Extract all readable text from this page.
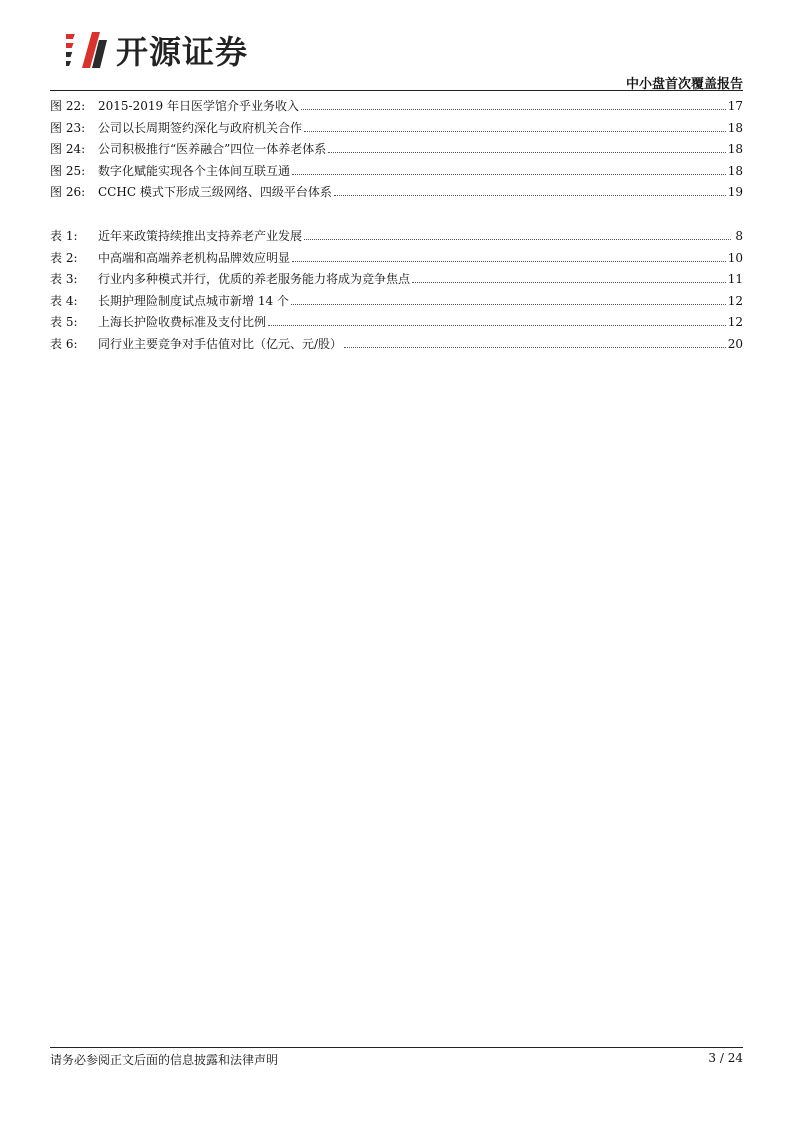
开源证券
中小盘首次覆盖报告
图 22:	2015-2019 年日医学馆介乎业务收入	17
图 23:	公司以长周期签约深化与政府机关合作	18
图 24:	公司积极推行“医养融合”四位一体养老体系	18
图 25:	数字化赋能实现各个主体间互联互通	18
图 26:	CCHC 模式下形成三级网络、四级平台体系	19
表 1:	近年来政策持续推出支持养老产业发展	8
表 2:	中高端和高端养老机构品牌效应明显	10
表 3:	行业内多种模式并行，优质的养老服务能力将成为竞争焦点	11
表 4:	长期护理险制度试点城市新增 14 个	12
表 5:	上海长护险收费标准及支付比例	12
表 6:	同行业主要竞争对手估值对比（亿元、元/股）	20
请务必参阅正文后面的信息披露和法律声明	3 / 24
